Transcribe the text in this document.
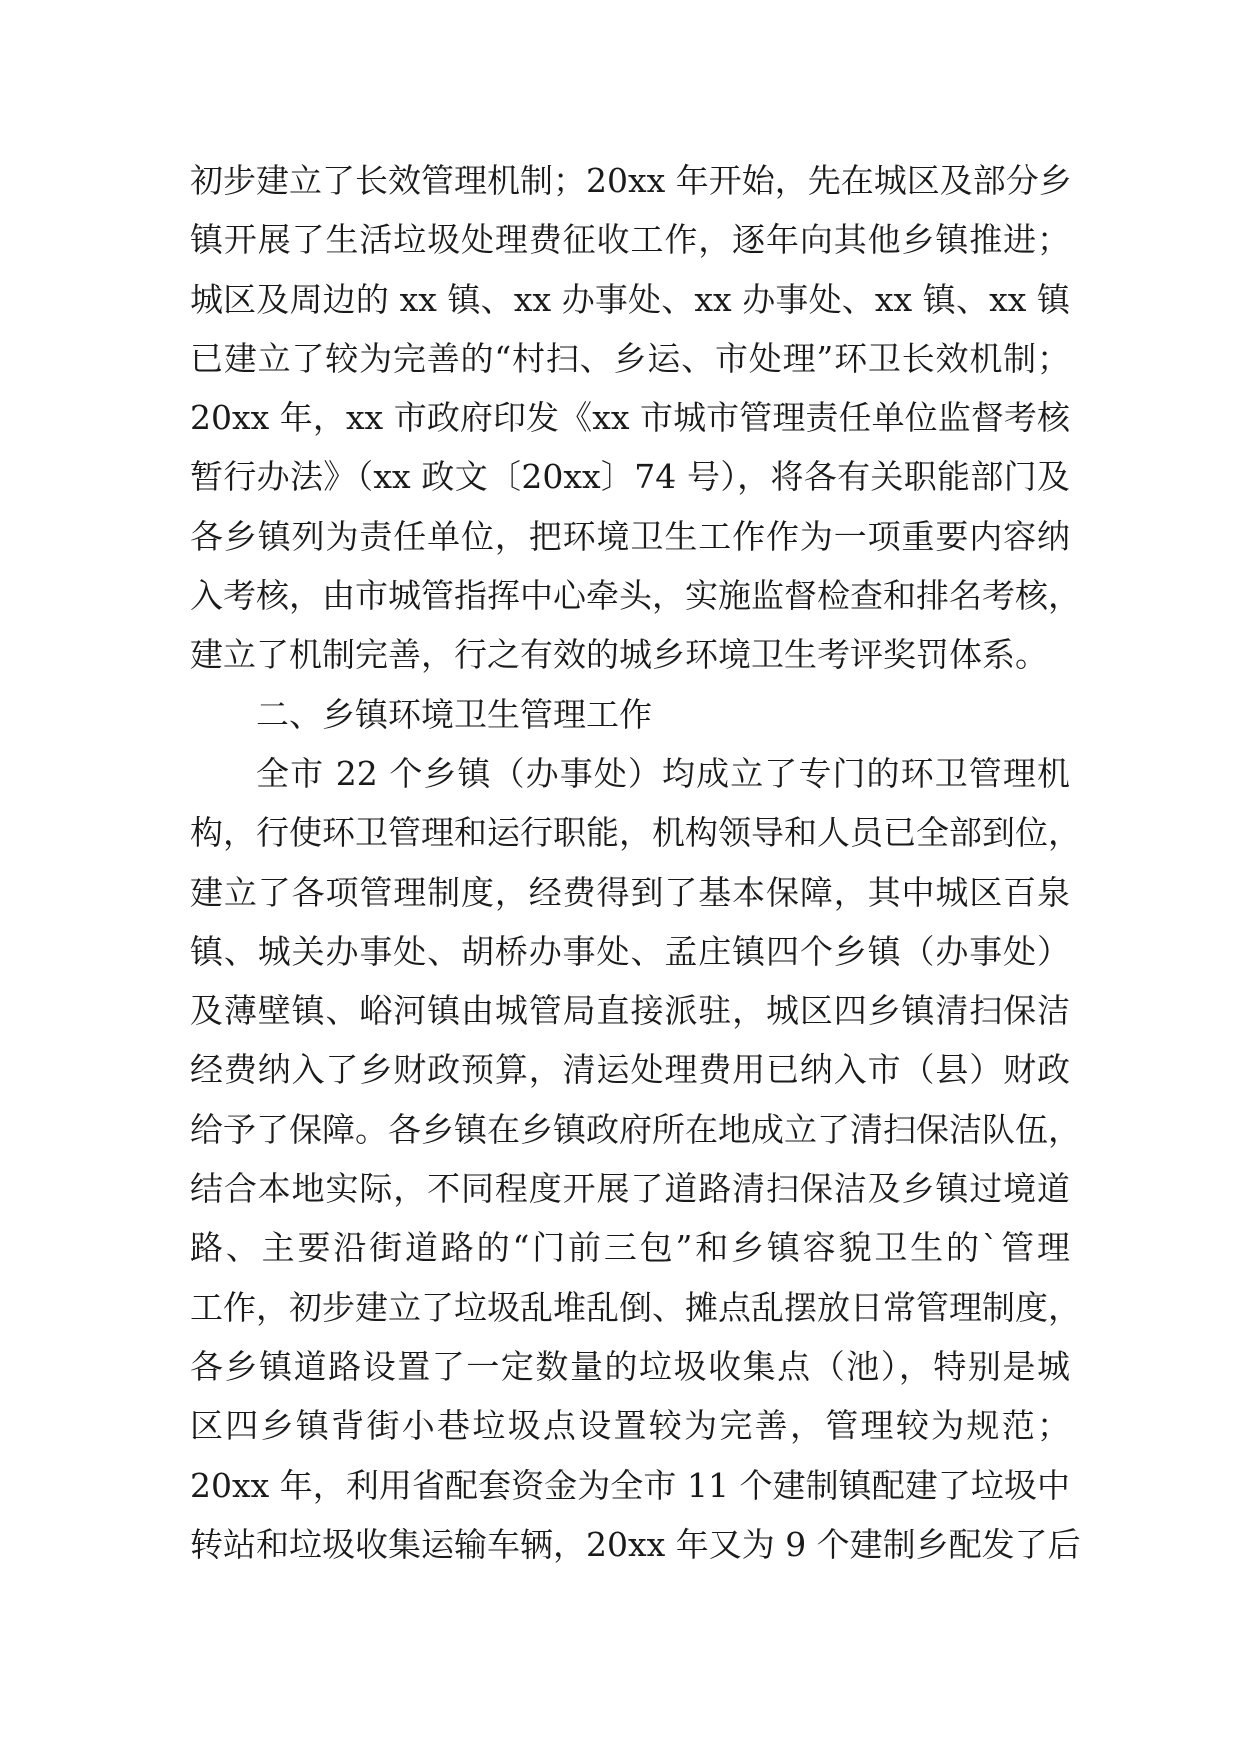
初步建立了长效管理机制；20xx 年开始，先在城区及部分乡
镇开展了生活垃圾处理费征收工作，逐年向其他乡镇推进；
城区及周边的 xx 镇、xx 办事处、xx 办事处、xx 镇、xx 镇
已建立了较为完善的“村扫、乡运、市处理”环卫长效机制；
20xx 年，xx 市政府印发《xx 市城市管理责任单位监督考核
暂行办法》（xx 政文〔20xx〕74 号），将各有关职能部门及
各乡镇列为责任单位，把环境卫生工作作为一项重要内容纳
入考核，由市城管指挥中心牵头，实施监督检查和排名考核，
建立了机制完善，行之有效的城乡环境卫生考评奖罚体系。
二、乡镇环境卫生管理工作
全市 22 个乡镇（办事处）均成立了专门的环卫管理机
构，行使环卫管理和运行职能，机构领导和人员已全部到位，
建立了各项管理制度，经费得到了基本保障，其中城区百泉
镇、城关办事处、胡桥办事处、孟庄镇四个乡镇（办事处）
及薄壁镇、峪河镇由城管局直接派驻，城区四乡镇清扫保洁
经费纳入了乡财政预算，清运处理费用已纳入市（县）财政
给予了保障。各乡镇在乡镇政府所在地成立了清扫保洁队伍，
结合本地实际，不同程度开展了道路清扫保洁及乡镇过境道
路、主要沿街道路的“门前三包”和乡镇容貌卫生的`管理
工作，初步建立了垃圾乱堆乱倒、摊点乱摆放日常管理制度，
各乡镇道路设置了一定数量的垃圾收集点（池），特别是城
区四乡镇背街小巷垃圾点设置较为完善，管理较为规范；
20xx 年，利用省配套资金为全市 11 个建制镇配建了垃圾中
转站和垃圾收集运输车辆，20xx 年又为 9 个建制乡配发了后
